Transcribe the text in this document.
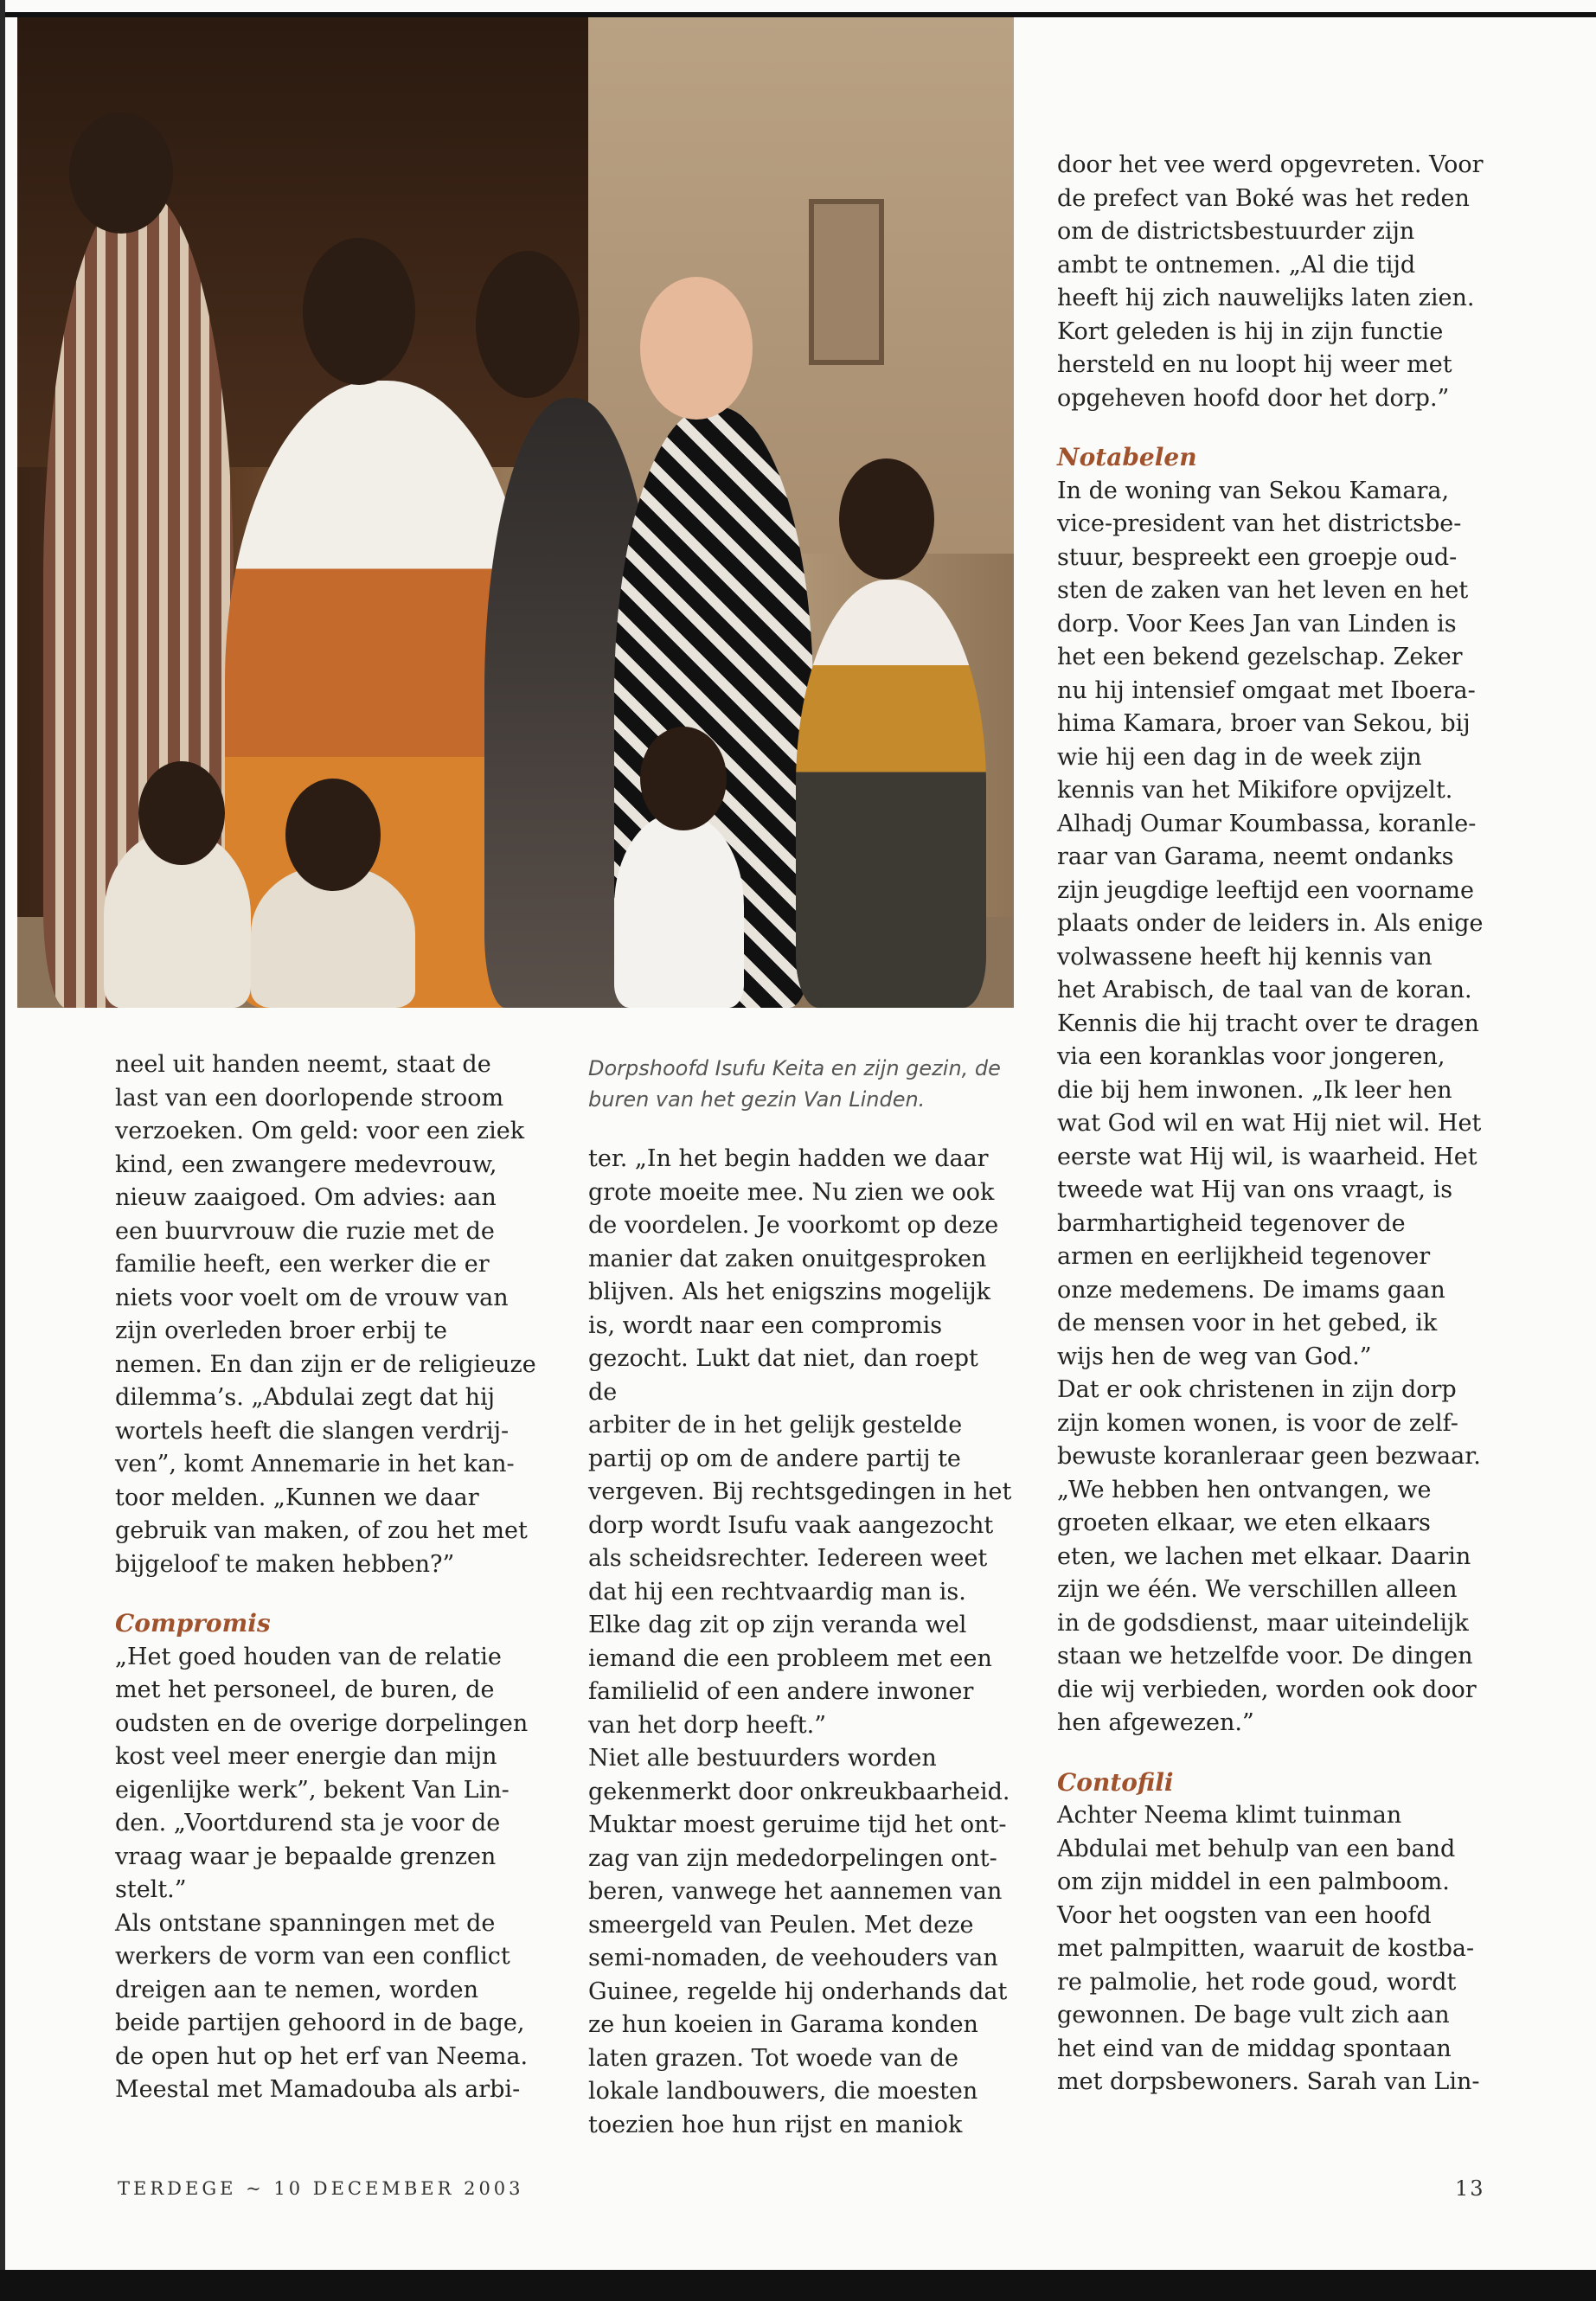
neel uit handen neemt, staat de

last van een doorlopende stroom

verzoeken. Om geld: voor een ziek

kind, een zwangere medevrouw,

nieuw zaaigoed. Om advies: aan

een buurvrouw die ruzie met de

familie heeft, een werker die er

niets voor voelt om de vrouw van

zijn overleden broer erbij te

nemen. En dan zijn er de religieuze

dilemma’s. „Abdulai zegt dat hij

wortels heeft die slangen verdrij-

ven”, komt Annemarie in het kan-

toor melden. „Kunnen we daar

gebruik van maken, of zou het met

bijgeloof te maken hebben?”

Compromis

„Het goed houden van de relatie

met het personeel, de buren, de

oudsten en de overige dorpelingen

kost veel meer energie dan mijn

eigenlijke werk”, bekent Van Lin-

den. „Voortdurend sta je voor de

vraag waar je bepaalde grenzen

stelt.”

Als ontstane spanningen met de

werkers de vorm van een conflict

dreigen aan te nemen, worden

beide partijen gehoord in de bage,

de open hut op het erf van Neema.

Meestal met Mamadouba als arbi-

Dorpshoofd Isufu Keita en zijn gezin, de buren van het gezin Van Linden.

ter. „In het begin hadden we daar

grote moeite mee. Nu zien we ook

de voordelen. Je voorkomt op deze

manier dat zaken onuitgesproken

blijven. Als het enigszins mogelijk

is, wordt naar een compromis

gezocht. Lukt dat niet, dan roept de

arbiter de in het gelijk gestelde

partij op om de andere partij te

vergeven. Bij rechtsgedingen in het

dorp wordt Isufu vaak aangezocht

als scheidsrechter. Iedereen weet

dat hij een rechtvaardig man is.

Elke dag zit op zijn veranda wel

iemand die een probleem met een

familielid of een andere inwoner

van het dorp heeft.”

Niet alle bestuurders worden

gekenmerkt door onkreukbaarheid.

Muktar moest geruime tijd het ont-

zag van zijn mededorpelingen ont-

beren, vanwege het aannemen van

smeergeld van Peulen. Met deze

semi-nomaden, de veehouders van

Guinee, regelde hij onderhands dat

ze hun koeien in Garama konden

laten grazen. Tot woede van de

lokale landbouwers, die moesten

toezien hoe hun rijst en maniok

door het vee werd opgevreten. Voor

de prefect van Boké was het reden

om de districtsbestuurder zijn

ambt te ontnemen. „Al die tijd

heeft hij zich nauwelijks laten zien.

Kort geleden is hij in zijn functie

hersteld en nu loopt hij weer met

opgeheven hoofd door het dorp.”

Notabelen

In de woning van Sekou Kamara,

vice-president van het districtsbe-

stuur, bespreekt een groepje oud-

sten de zaken van het leven en het

dorp. Voor Kees Jan van Linden is

het een bekend gezelschap. Zeker

nu hij intensief omgaat met Iboera-

hima Kamara, broer van Sekou, bij

wie hij een dag in de week zijn

kennis van het Mikifore opvijzelt.

Alhadj Oumar Koumbassa, koranle-

raar van Garama, neemt ondanks

zijn jeugdige leeftijd een voorname

plaats onder de leiders in. Als enige

volwassene heeft hij kennis van

het Arabisch, de taal van de koran.

Kennis die hij tracht over te dragen

via een koranklas voor jongeren,

die bij hem inwonen. „Ik leer hen

wat God wil en wat Hij niet wil. Het

eerste wat Hij wil, is waarheid. Het

tweede wat Hij van ons vraagt, is

barmhartigheid tegenover de

armen en eerlijkheid tegenover

onze medemens. De imams gaan

de mensen voor in het gebed, ik

wijs hen de weg van God.”

Dat er ook christenen in zijn dorp

zijn komen wonen, is voor de zelf-

bewuste koranleraar geen bezwaar.

„We hebben hen ontvangen, we

groeten elkaar, we eten elkaars

eten, we lachen met elkaar. Daarin

zijn we één. We verschillen alleen

in de godsdienst, maar uiteindelijk

staan we hetzelfde voor. De dingen

die wij verbieden, worden ook door

hen afgewezen.”

Contofili

Achter Neema klimt tuinman

Abdulai met behulp van een band

om zijn middel in een palmboom.

Voor het oogsten van een hoofd

met palmpitten, waaruit de kostba-

re palmolie, het rode goud, wordt

gewonnen. De bage vult zich aan

het eind van de middag spontaan

met dorpsbewoners. Sarah van Lin-

TERDEGE ~ 10 DECEMBER 2003	13
